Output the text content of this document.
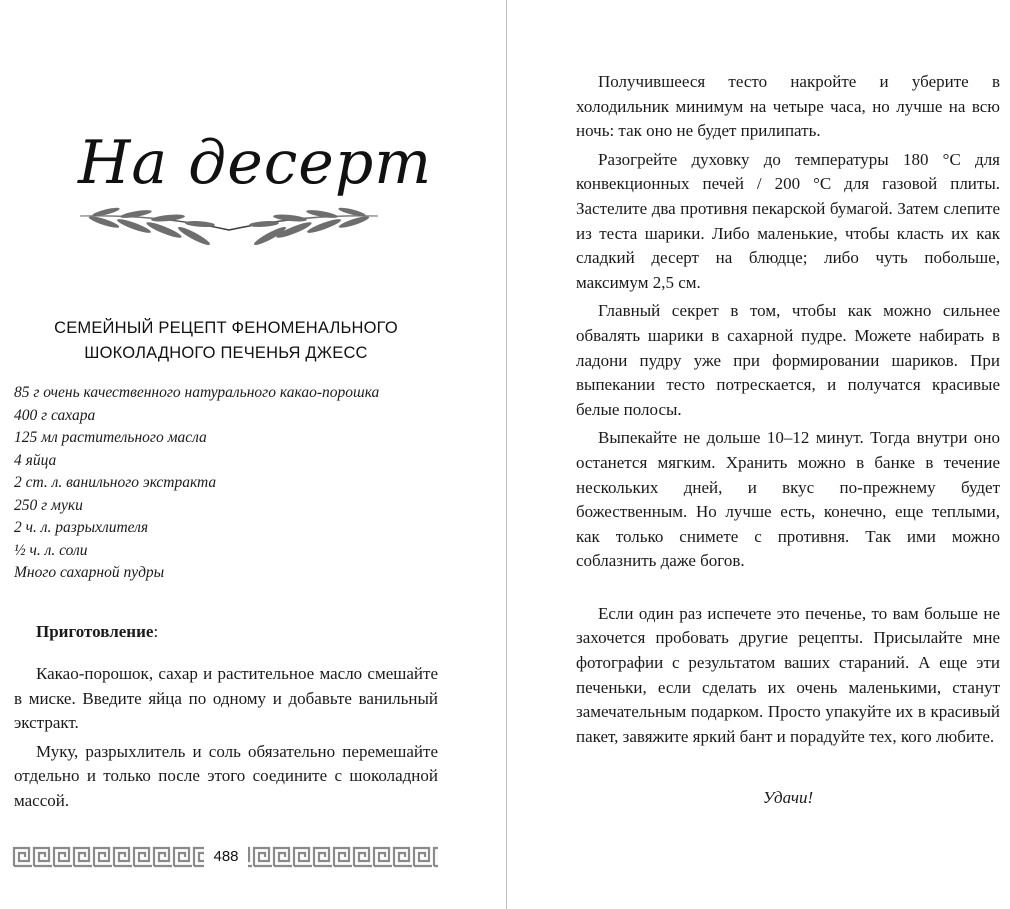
На десерт
СЕМЕЙНЫЙ РЕЦЕПТ ФЕНОМЕНАЛЬНОГО
ШОКОЛАДНОГО ПЕЧЕНЬЯ ДЖЕСС
85 г очень качественного натурального какао-порошка
400 г сахара
125 мл растительного масла
4 яйца
2 ст. л. ванильного экстракта
250 г муки
2 ч. л. разрыхлителя
½ ч. л. соли
Много сахарной пудры
Приготовление:

Какао-порошок, сахар и растительное масло смешайте в миске. Введите яйца по одному и добавьте ванильный экстракт.

Муку, разрыхлитель и соль обязательно перемешайте отдельно и только после этого соедините с шоколадной массой.

488

Получившееся тесто накройте и уберите в холодильник минимум на четыре часа, но лучше на всю ночь: так оно не будет прилипать.

Разогрейте духовку до температуры 180 °С для конвекционных печей / 200 °С для газовой плиты. Застелите два противня пекарской бумагой. Затем слепите из теста шарики. Либо маленькие, чтобы класть их как сладкий десерт на блюдце; либо чуть побольше, максимум 2,5 см.

Главный секрет в том, чтобы как можно сильнее обвалять шарики в сахарной пудре. Можете набирать в ладони пудру уже при формировании шариков. При выпекании тесто потрескается, и получатся красивые белые полосы.

Выпекайте не дольше 10–12 минут. Тогда внутри оно останется мягким. Хранить можно в банке в течение нескольких дней, и вкус по-прежнему будет божественным. Но лучше есть, конечно, еще теплыми, как только снимете с противня. Так ими можно соблазнить даже богов.

Если один раз испечете это печенье, то вам больше не захочется пробовать другие рецепты. Присылайте мне фотографии с результатом ваших стараний. А еще эти печеньки, если сделать их очень маленькими, станут замечательным подарком. Просто упакуйте их в красивый пакет, завяжите яркий бант и порадуйте тех, кого любите.

Удачи!
